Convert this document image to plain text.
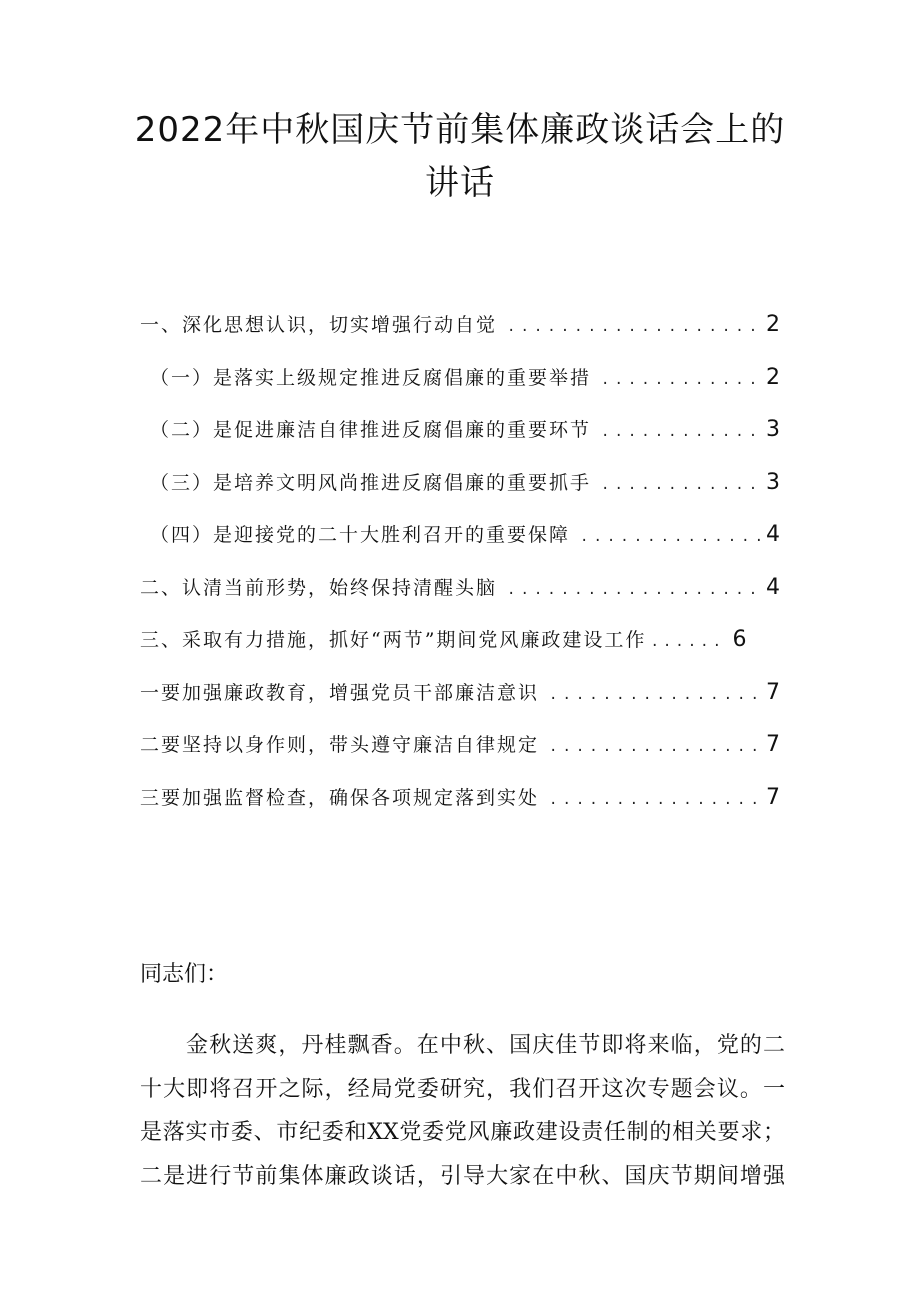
2022年中秋国庆节前集体廉政谈话会上的
讲话
一、深化思想认识，切实增强行动自觉 .....	2
（一）是落实上级规定推进反腐倡廉的重要举措 .....	2
（二）是促进廉洁自律推进反腐倡廉的重要环节 .....	3
（三）是培养文明风尚推进反腐倡廉的重要抓手 .....	3
（四）是迎接党的二十大胜利召开的重要保障 .....	4
二、认清当前形势，始终保持清醒头脑 .....	4
三、采取有力措施，抓好“两节”期间党风廉政建设工作 .....	6
一要加强廉政教育，增强党员干部廉洁意识 .....	7
二要坚持以身作则，带头遵守廉洁自律规定 .....	7
三要加强监督检查，确保各项规定落到实处 .....	7

同志们：

金秋送爽，丹桂飘香。在中秋、国庆佳节即将来临，党的二
十大即将召开之际，经局党委研究，我们召开这次专题会议。一
是落实市委、市纪委和XX党委党风廉政建设责任制的相关要求；
二是进行节前集体廉政谈话，引导大家在中秋、国庆节期间增强
